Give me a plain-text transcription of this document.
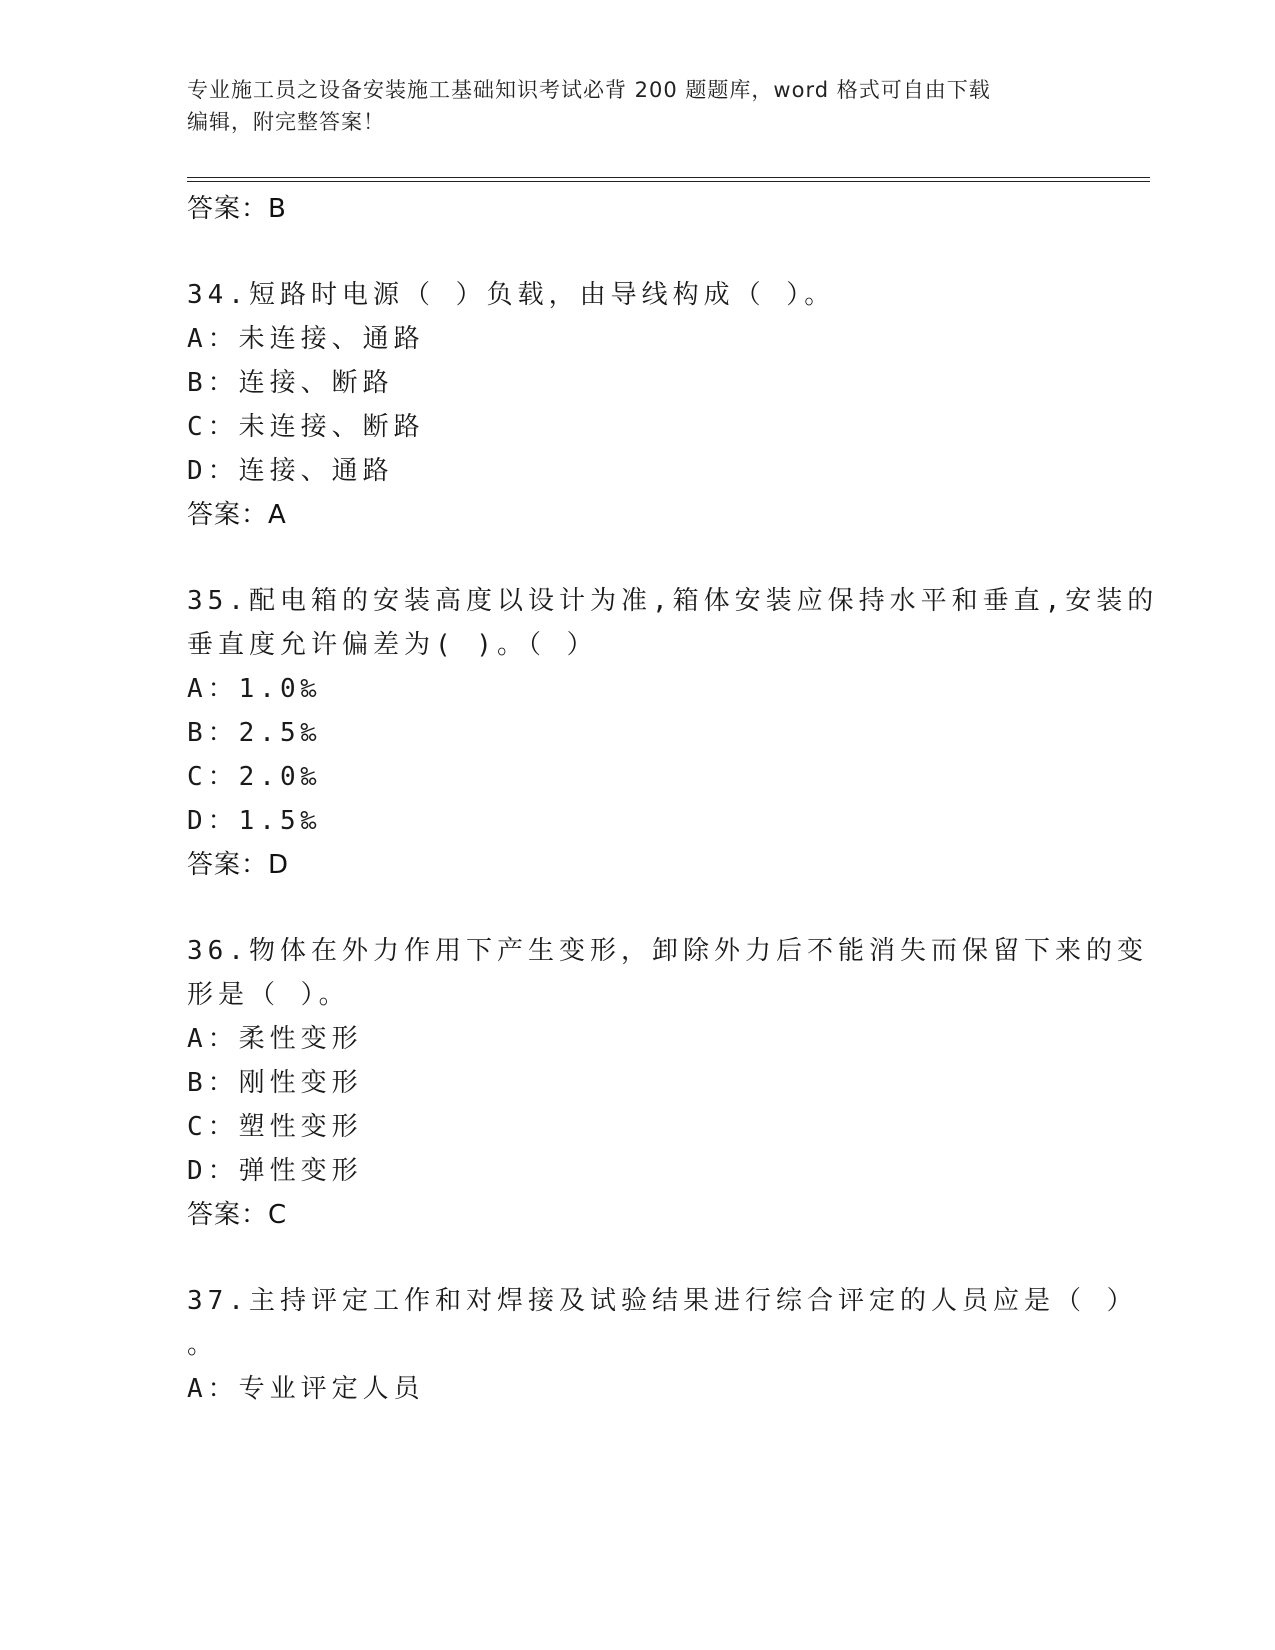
专业施工员之设备安装施工基础知识考试必背 200 题题库，word 格式可自由下载
编辑，附完整答案！
答案：B
34.短路时电源（ ）负载，由导线构成（ ）。
A：未连接、通路
B：连接、断路
C：未连接、断路
D：连接、通路
答案：A
35.配电箱的安装高度以设计为准,箱体安装应保持水平和垂直,安装的
垂直度允许偏差为( )。（ ）
A：1.0‰
B：2.5‰
C：2.0‰
D：1.5‰
答案：D
36.物体在外力作用下产生变形，卸除外力后不能消失而保留下来的变
形是（ ）。
A：柔性变形
B：刚性变形
C：塑性变形
D：弹性变形
答案：C
37.主持评定工作和对焊接及试验结果进行综合评定的人员应是（ ）
。
A：专业评定人员
